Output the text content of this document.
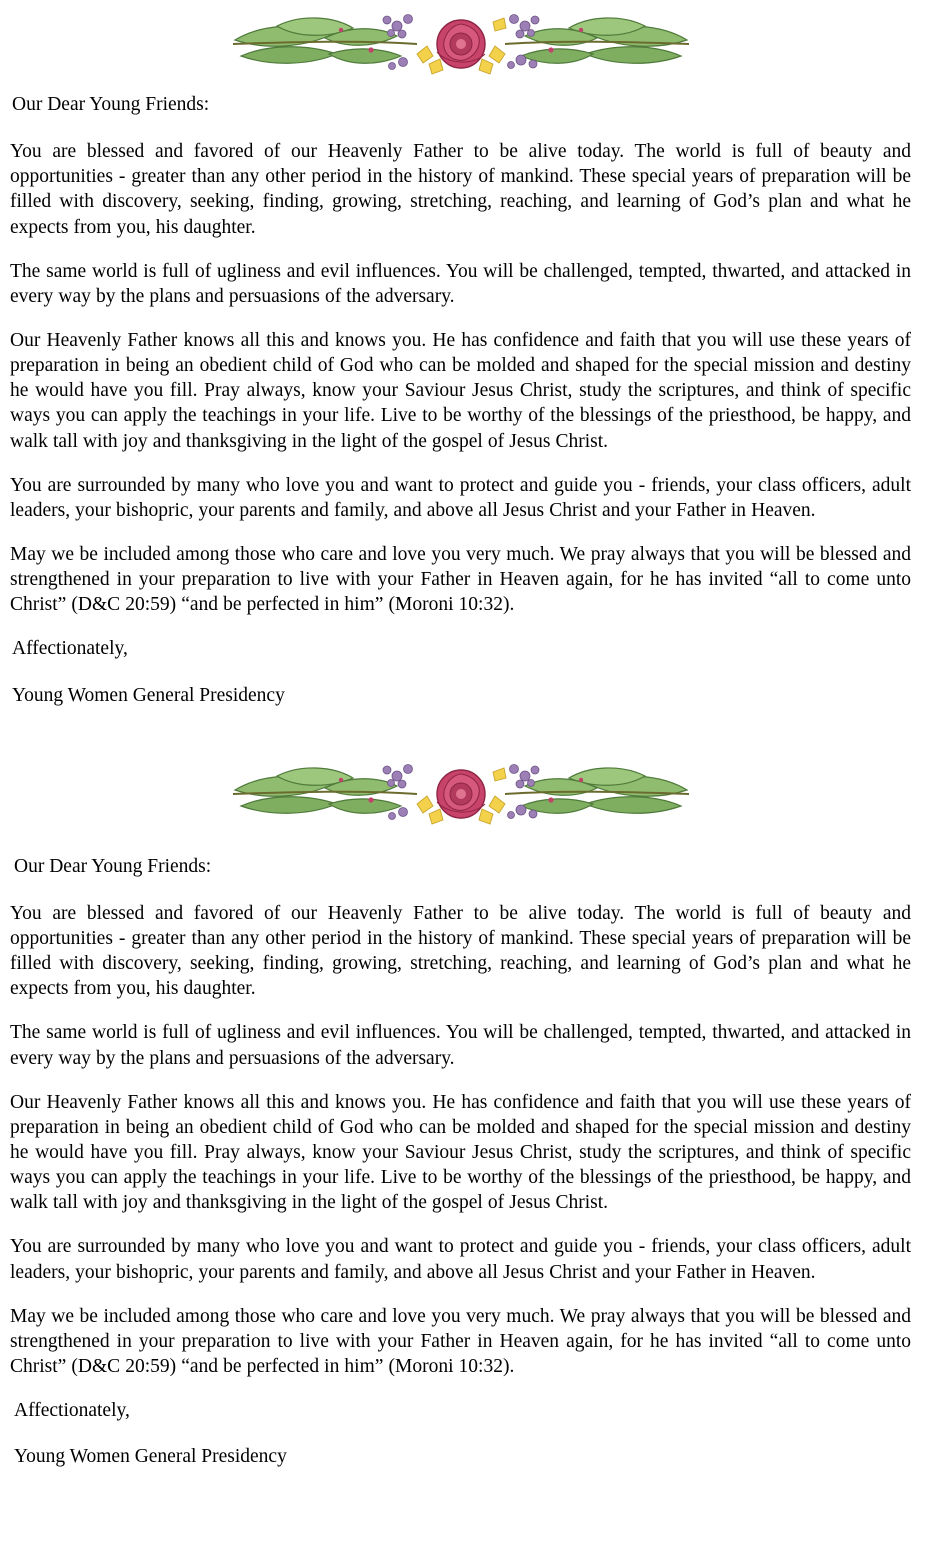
Our Dear Young Friends:

You are blessed and favored of our Heavenly Father to be alive today. The world is full of beauty and opportunities - greater than any other period in the history of mankind. These special years of preparation will be filled with discovery, seeking, finding, growing, stretching, reaching, and learning of God’s plan and what he expects from you, his daughter.

The same world is full of ugliness and evil influences. You will be challenged, tempted, thwarted, and attacked in every way by the plans and persuasions of the adversary.

Our Heavenly Father knows all this and knows you. He has confidence and faith that you will use these years of preparation in being an obedient child of God who can be molded and shaped for the special mission and destiny he would have you fill. Pray always, know your Saviour Jesus Christ, study the scriptures, and think of specific ways you can apply the teachings in your life. Live to be worthy of the blessings of the priesthood, be happy, and walk tall with joy and thanksgiving in the light of the gospel of Jesus Christ.

You are surrounded by many who love you and want to protect and guide you - friends, your class officers, adult leaders, your bishopric, your parents and family, and above all Jesus Christ and your Father in Heaven.

May we be included among those who care and love you very much. We pray always that you will be blessed and strengthened in your preparation to live with your Father in Heaven again, for he has invited “all to come unto Christ” (D&C 20:59) “and be perfected in him” (Moroni 10:32).

Affectionately,

Young Women General Presidency

Our Dear Young Friends:

You are blessed and favored of our Heavenly Father to be alive today. The world is full of beauty and opportunities - greater than any other period in the history of mankind. These special years of preparation will be filled with discovery, seeking, finding, growing, stretching, reaching, and learning of God’s plan and what he expects from you, his daughter.

The same world is full of ugliness and evil influences. You will be challenged, tempted, thwarted, and attacked in every way by the plans and persuasions of the adversary.

Our Heavenly Father knows all this and knows you. He has confidence and faith that you will use these years of preparation in being an obedient child of God who can be molded and shaped for the special mission and destiny he would have you fill. Pray always, know your Saviour Jesus Christ, study the scriptures, and think of specific ways you can apply the teachings in your life. Live to be worthy of the blessings of the priesthood, be happy, and walk tall with joy and thanksgiving in the light of the gospel of Jesus Christ.

You are surrounded by many who love you and want to protect and guide you - friends, your class officers, adult leaders, your bishopric, your parents and family, and above all Jesus Christ and your Father in Heaven.

May we be included among those who care and love you very much. We pray always that you will be blessed and strengthened in your preparation to live with your Father in Heaven again, for he has invited “all to come unto Christ” (D&C 20:59) “and be perfected in him” (Moroni 10:32).

Affectionately,

Young Women General Presidency
